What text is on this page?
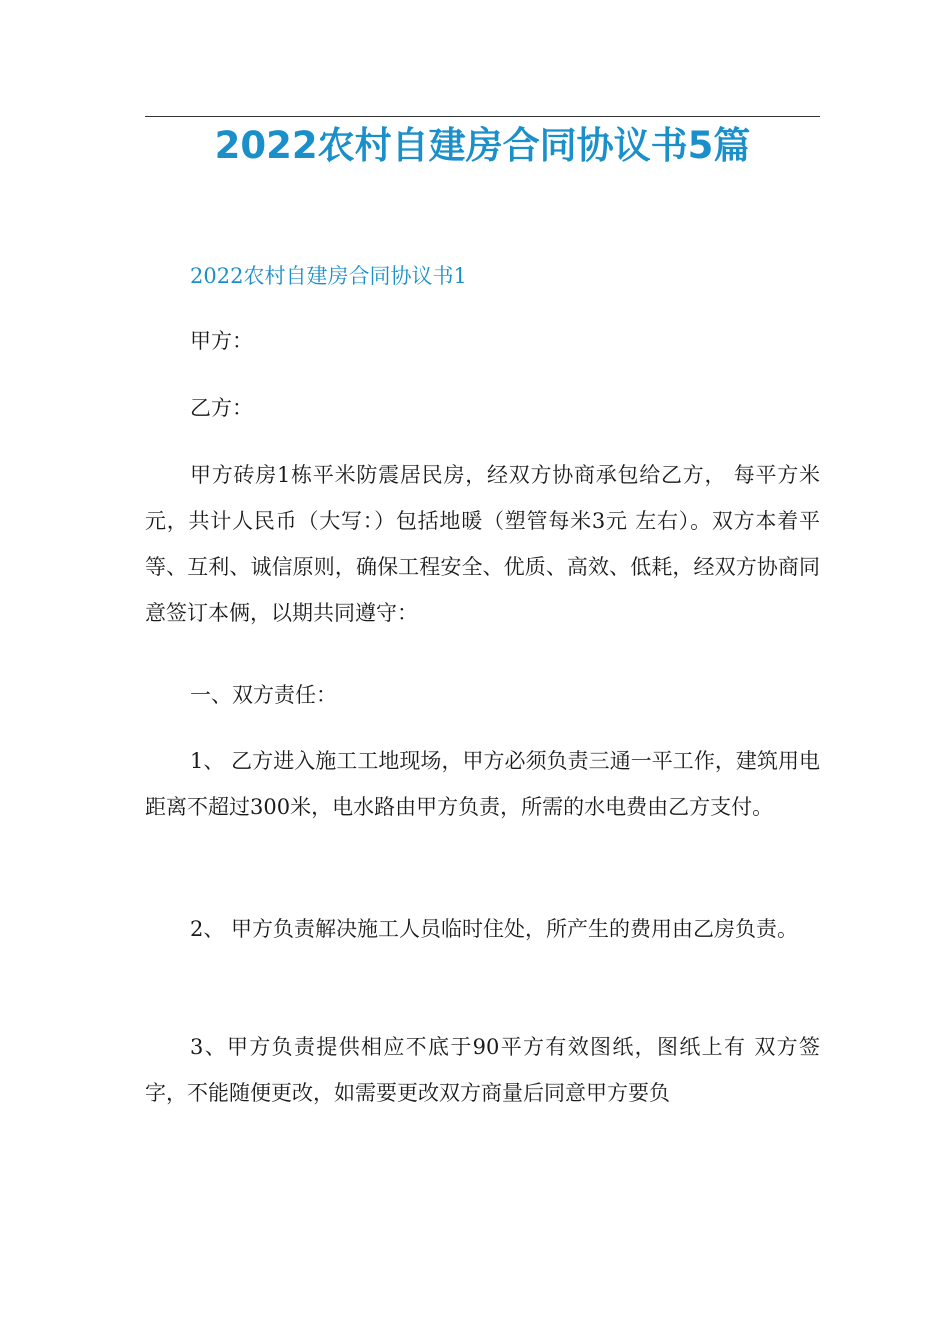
2022农村自建房合同协议书5篇
2022农村自建房合同协议书1
甲方：
乙方：
甲方砖房1栋平米防震居民房，经双方协商承包给乙方， 每平方米 元，共计人民币（大写：）包括地暖（塑管每米3元 左右）。双方本着平等、互利、诚信原则，确保工程安全、优质、高效、低耗，经双方协商同意签订本俩，以期共同遵守：
一、双方责任：
1、 乙方进入施工工地现场，甲方必须负责三通一平工作，建筑用电距离不超过300米，电水路由甲方负责，所需的水电费由乙方支付。
2、 甲方负责解决施工人员临时住处，所产生的费用由乙房负责。
3、甲方负责提供相应不底于90平方有效图纸，图纸上有 双方签字，不能随便更改，如需要更改双方商量后同意甲方要负
